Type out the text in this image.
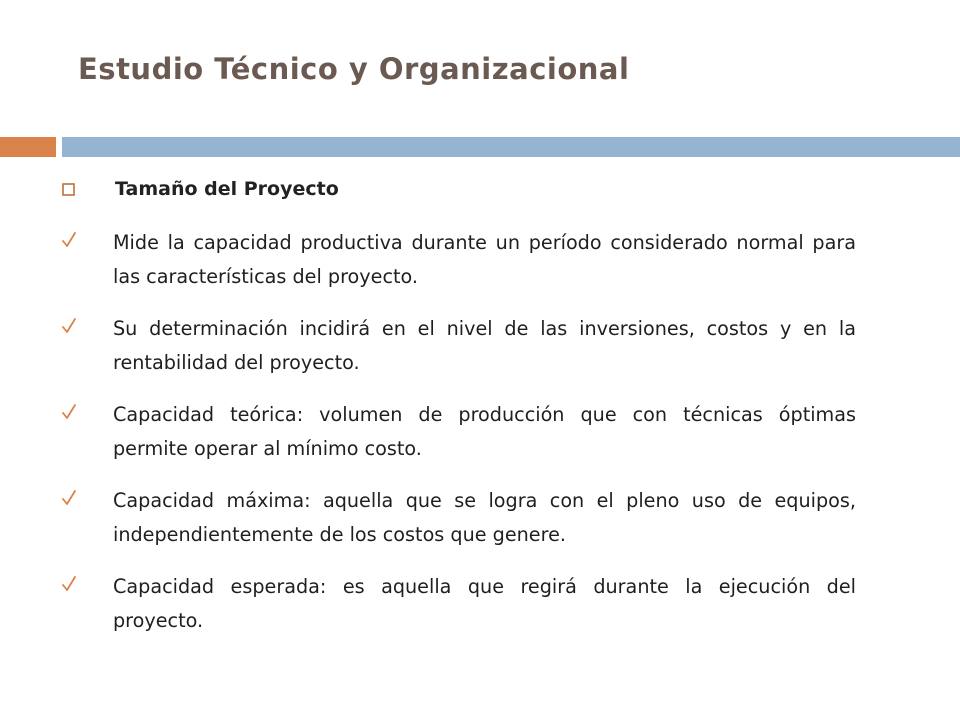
Estudio Técnico y Organizacional
Tamaño del Proyecto
Mide la capacidad productiva durante un período considerado normal para las características del proyecto.
Su determinación incidirá en el nivel de las inversiones, costos y en la rentabilidad del proyecto.
Capacidad teórica: volumen de producción que con técnicas óptimas permite operar al mínimo costo.
Capacidad máxima: aquella que se logra con el pleno uso de equipos, independientemente de los costos que genere.
Capacidad esperada: es aquella que regirá durante la ejecución del proyecto.
